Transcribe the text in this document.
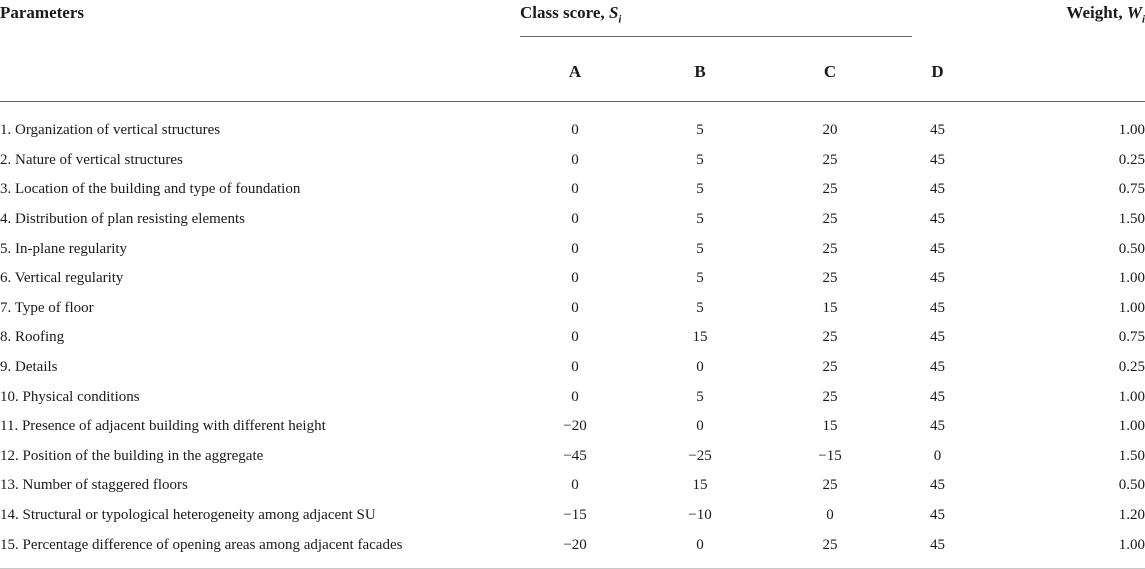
Parameters	Class score, $S_i$				Weight, $W_i$
	A	B	C	D	

1. Organization of vertical structures	0	5	20	45	1.00
2. Nature of vertical structures	0	5	25	45	0.25
3. Location of the building and type of foundation	0	5	25	45	0.75
4. Distribution of plan resisting elements	0	5	25	45	1.50
5. In-plane regularity	0	5	25	45	0.50
6. Vertical regularity	0	5	25	45	1.00
7. Type of floor	0	5	15	45	1.00
8. Roofing	0	15	25	45	0.75
9. Details	0	0	25	45	0.25
10. Physical conditions	0	5	25	45	1.00
11. Presence of adjacent building with different height	−20	0	15	45	1.00
12. Position of the building in the aggregate	−45	−25	−15	0	1.50
13. Number of staggered floors	0	15	25	45	0.50
14. Structural or typological heterogeneity among adjacent SU	−15	−10	0	45	1.20
15. Percentage difference of opening areas among adjacent facades	−20	0	25	45	1.00
